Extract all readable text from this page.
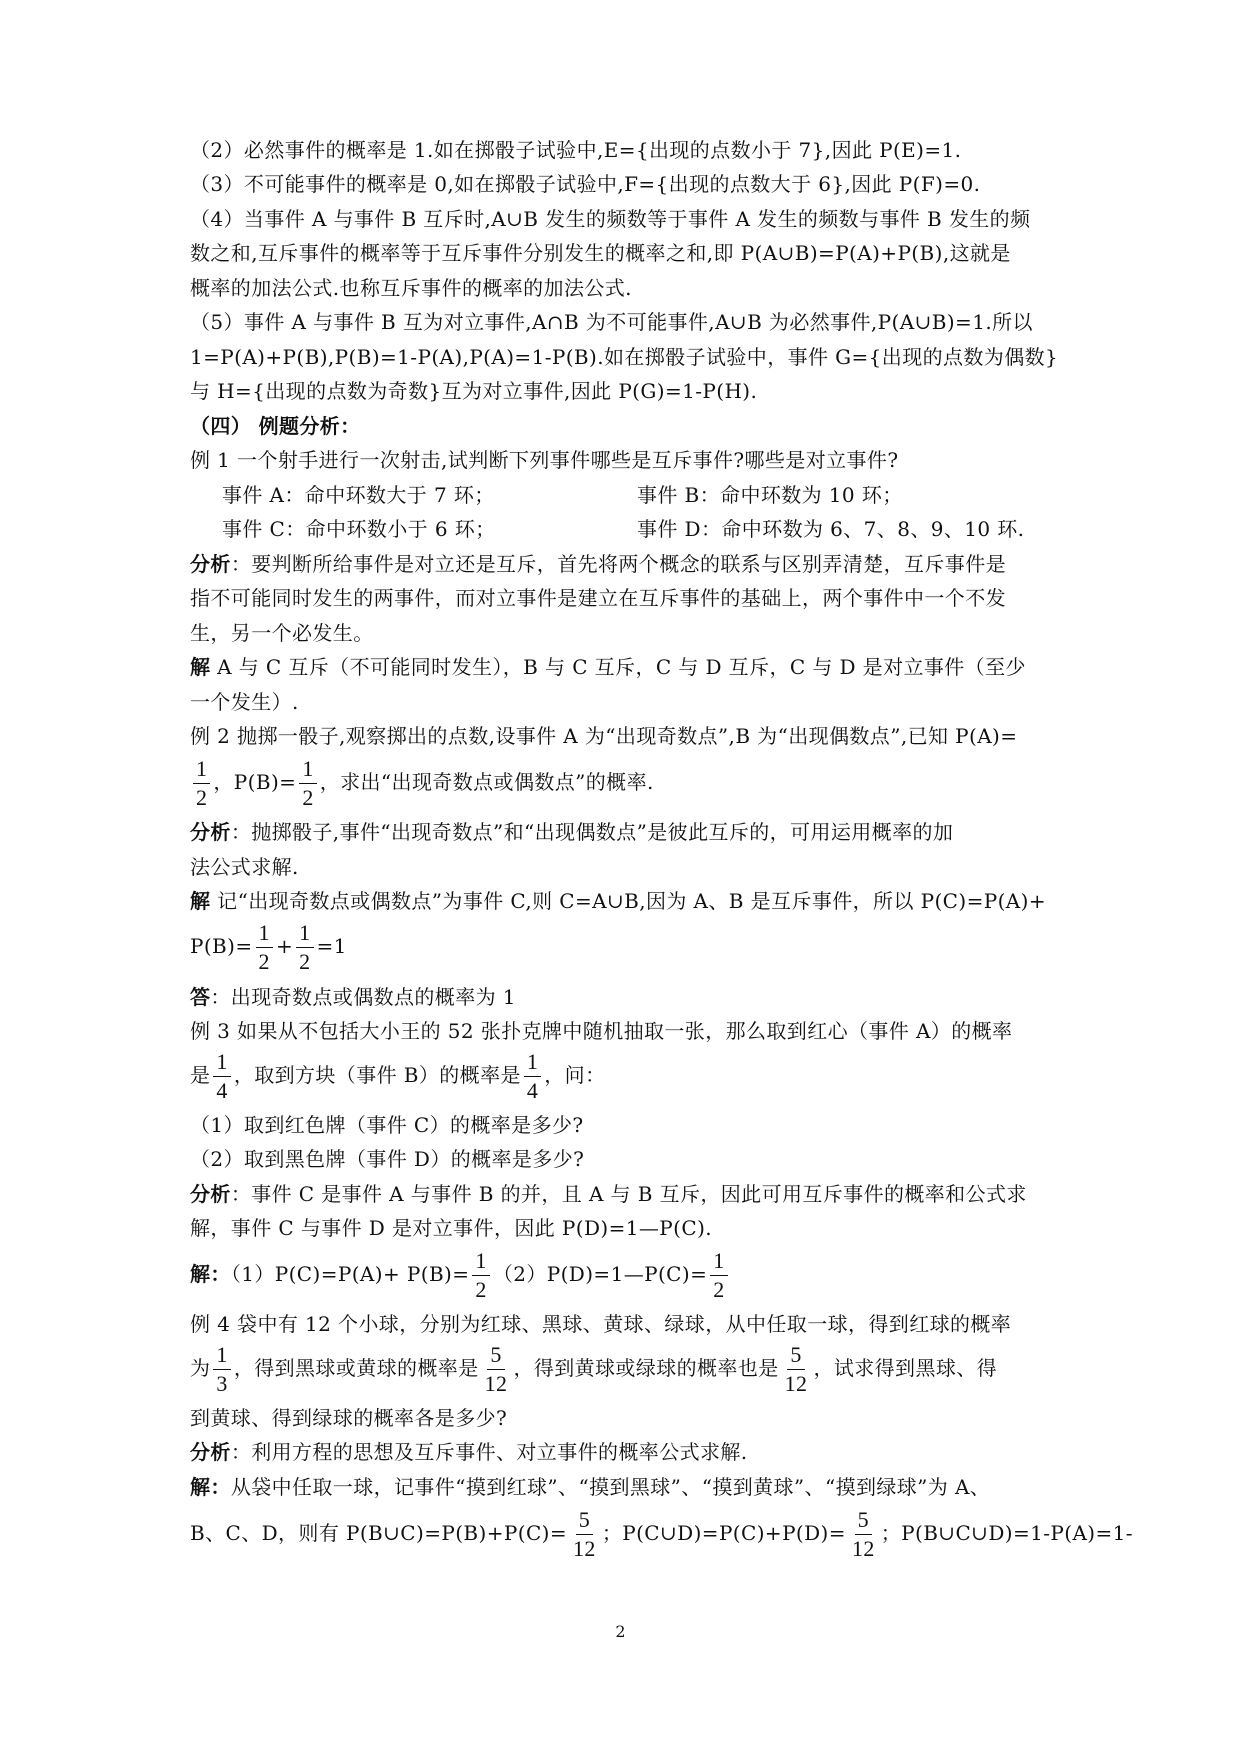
（2）必然事件的概率是 1.如在掷骰子试验中,E={出现的点数小于 7},因此 P(E)=1.
（3）不可能事件的概率是 0,如在掷骰子试验中,F={出现的点数大于 6},因此 P(F)=0.
（4）当事件 A 与事件 B 互斥时,A∪B 发生的频数等于事件 A 发生的频数与事件 B 发生的频
数之和,互斥事件的概率等于互斥事件分别发生的概率之和,即 P(A∪B)=P(A)+P(B),这就是
概率的加法公式.也称互斥事件的概率的加法公式.
（5）事件 A 与事件 B 互为对立事件,A∩B 为不可能事件,A∪B 为必然事件,P(A∪B)=1.所以
1=P(A)+P(B),P(B)=1-P(A),P(A)=1-P(B).如在掷骰子试验中，事件 G={出现的点数为偶数}
与 H={出现的点数为奇数}互为对立事件,因此 P(G)=1-P(H).
（四） 例题分析：
例 1 一个射手进行一次射击,试判断下列事件哪些是互斥事件?哪些是对立事件?
事件 A：命中环数大于 7 环；	事件 B：命中环数为 10 环；
事件 C：命中环数小于 6 环；	事件 D：命中环数为 6、7、8、9、10 环.
分析：要判断所给事件是对立还是互斥，首先将两个概念的联系与区别弄清楚，互斥事件是
指不可能同时发生的两事件，而对立事件是建立在互斥事件的基础上，两个事件中一个不发
生，另一个必发生。
解 A 与 C 互斥（不可能同时发生），B 与 C 互斥，C 与 D 互斥，C 与 D 是对立事件（至少
一个发生）.
例 2 抛掷一骰子,观察掷出的点数,设事件 A 为“出现奇数点”,B 为“出现偶数点”,已知 P(A)=
$\frac{1}{2}$ ，$P(B)= \frac{1}{2}$ ，求出“出现奇数点或偶数点”的概率.
分析：抛掷骰子,事件“出现奇数点”和“出现偶数点”是彼此互斥的，可用运用概率的加
法公式求解.
解 记“出现奇数点或偶数点”为事件 C,则 C=A∪B,因为 A、B 是互斥事件，所以 P(C)=P(A)+
$P(B)= \frac{1}{2} + \frac{1}{2} =1$
答：出现奇数点或偶数点的概率为 1
例 3 如果从不包括大小王的 52 张扑克牌中随机抽取一张，那么取到红心（事件 A）的概率
是 $\frac{1}{4}$ ，取到方块（事件 B）的概率是 $\frac{1}{4}$ ，问：
（1）取到红色牌（事件 C）的概率是多少?
（2）取到黑色牌（事件 D）的概率是多少?
分析：事件 C 是事件 A 与事件 B 的并，且 A 与 B 互斥，因此可用互斥事件的概率和公式求
解，事件 C 与事件 D 是对立事件，因此 P(D)=1—P(C).
解：$(1)P(C)=P(A)+ P(B)= \frac{1}{2}$ （2）P(D)=1—P(C)= $\frac{1}{2}$
例 4 袋中有 12 个小球，分别为红球、黑球、黄球、绿球，从中任取一球，得到红球的概率
为 $\frac{1}{3}$ ，得到黑球或黄球的概率是 $\frac{5}{12}$ ，得到黄球或绿球的概率也是 $\frac{5}{12}$ ，试求得到黑球、得
到黄球、得到绿球的概率各是多少?
分析：利用方程的思想及互斥事件、对立事件的概率公式求解.
解：从袋中任取一球，记事件“摸到红球”、“摸到黑球”、“摸到黄球”、“摸到绿球”为 A、
B、C、D，则有 P(B∪C)=P(B)+P(C)= $\frac{5}{12}$ ；P(C∪D)=P(C)+P(D)= $\frac{5}{12}$ ；P(B∪C∪D)=1-P(A)=1-
2
